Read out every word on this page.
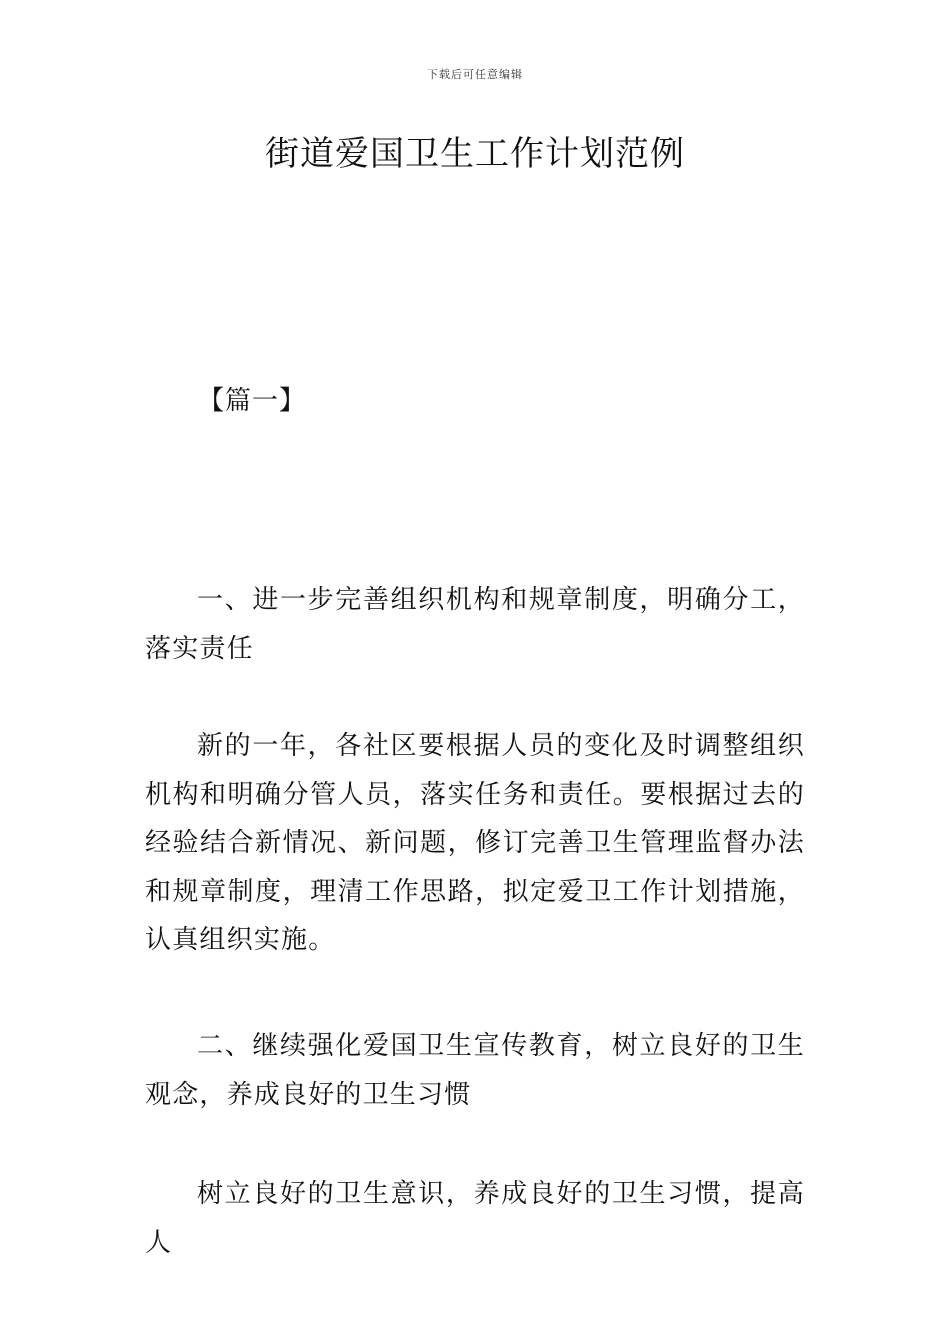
下载后可任意编辑
街道爱国卫生工作计划范例
【篇一】

一、进一步完善组织机构和规章制度，明确分工，落实责任

新的一年，各社区要根据人员的变化及时调整组织机构和明确分管人员，落实任务和责任。要根据过去的经验结合新情况、新问题，修订完善卫生管理监督办法和规章制度，理清工作思路，拟定爱卫工作计划措施，认真组织实施。

二、继续强化爱国卫生宣传教育，树立良好的卫生观念，养成良好的卫生习惯

树立良好的卫生意识，养成良好的卫生习惯，提高人
